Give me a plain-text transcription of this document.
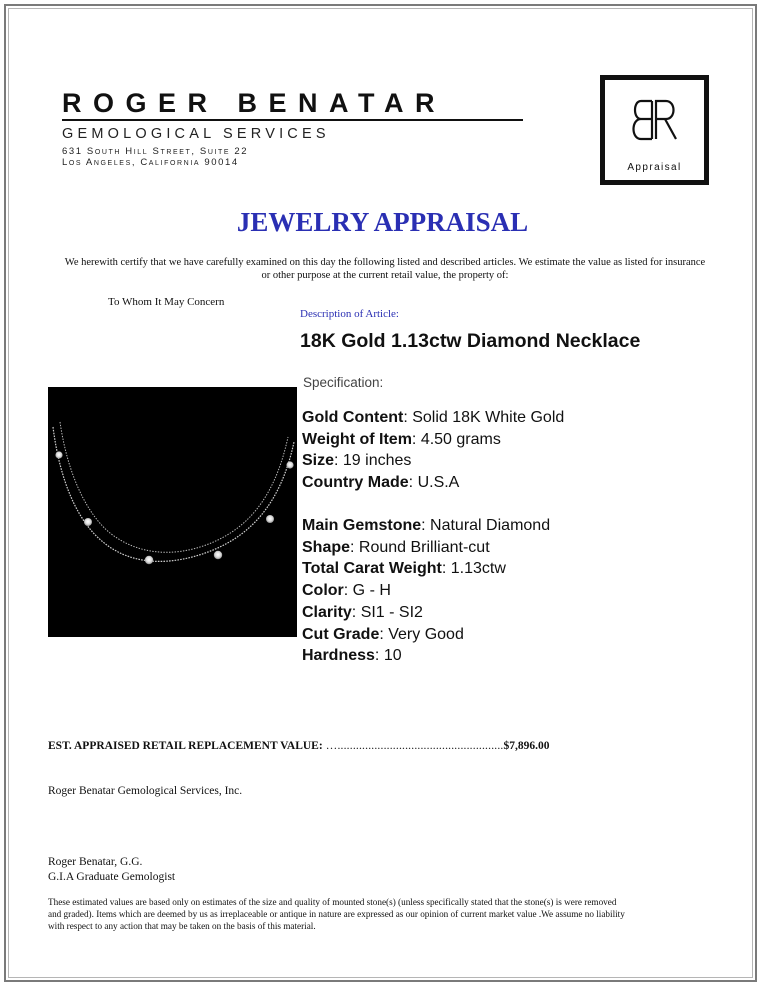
ROGER BENATAR
GEMOLOGICAL SERVICES
631 South Hill Street, Suite 22
Los Angeles, California 90014	Appraisal
JEWELRY APPRAISAL
We herewith certify that we have carefully examined on this day the following listed and described articles. We estimate the value as listed for insurance or other purpose at the current retail value, the property of:
To Whom It May Concern
Description of Article:
18K Gold 1.13ctw Diamond Necklace
Specification:
Gold Content: Solid 18K White Gold
Weight of Item: 4.50 grams
Size: 19 inches
Country Made: U.S.A
Main Gemstone: Natural Diamond
Shape: Round Brilliant-cut
Total Carat Weight: 1.13ctw
Color: G - H
Clarity: SI1 - SI2
Cut Grade: Very Good
Hardness: 10
EST. APPRAISED RETAIL REPLACEMENT VALUE: …......................................................$7,896.00
Roger Benatar Gemological Services, Inc.
Roger Benatar, G.G.
G.I.A Graduate Gemologist
These estimated values are based only on estimates of the size and quality of mounted stone(s) (unless specifically stated that the stone(s) is were removed and graded). Items which are deemed by us as irreplaceable or antique in nature are expressed as our opinion of current market value .We assume no liability with respect to any action that may be taken on the basis of this material.
